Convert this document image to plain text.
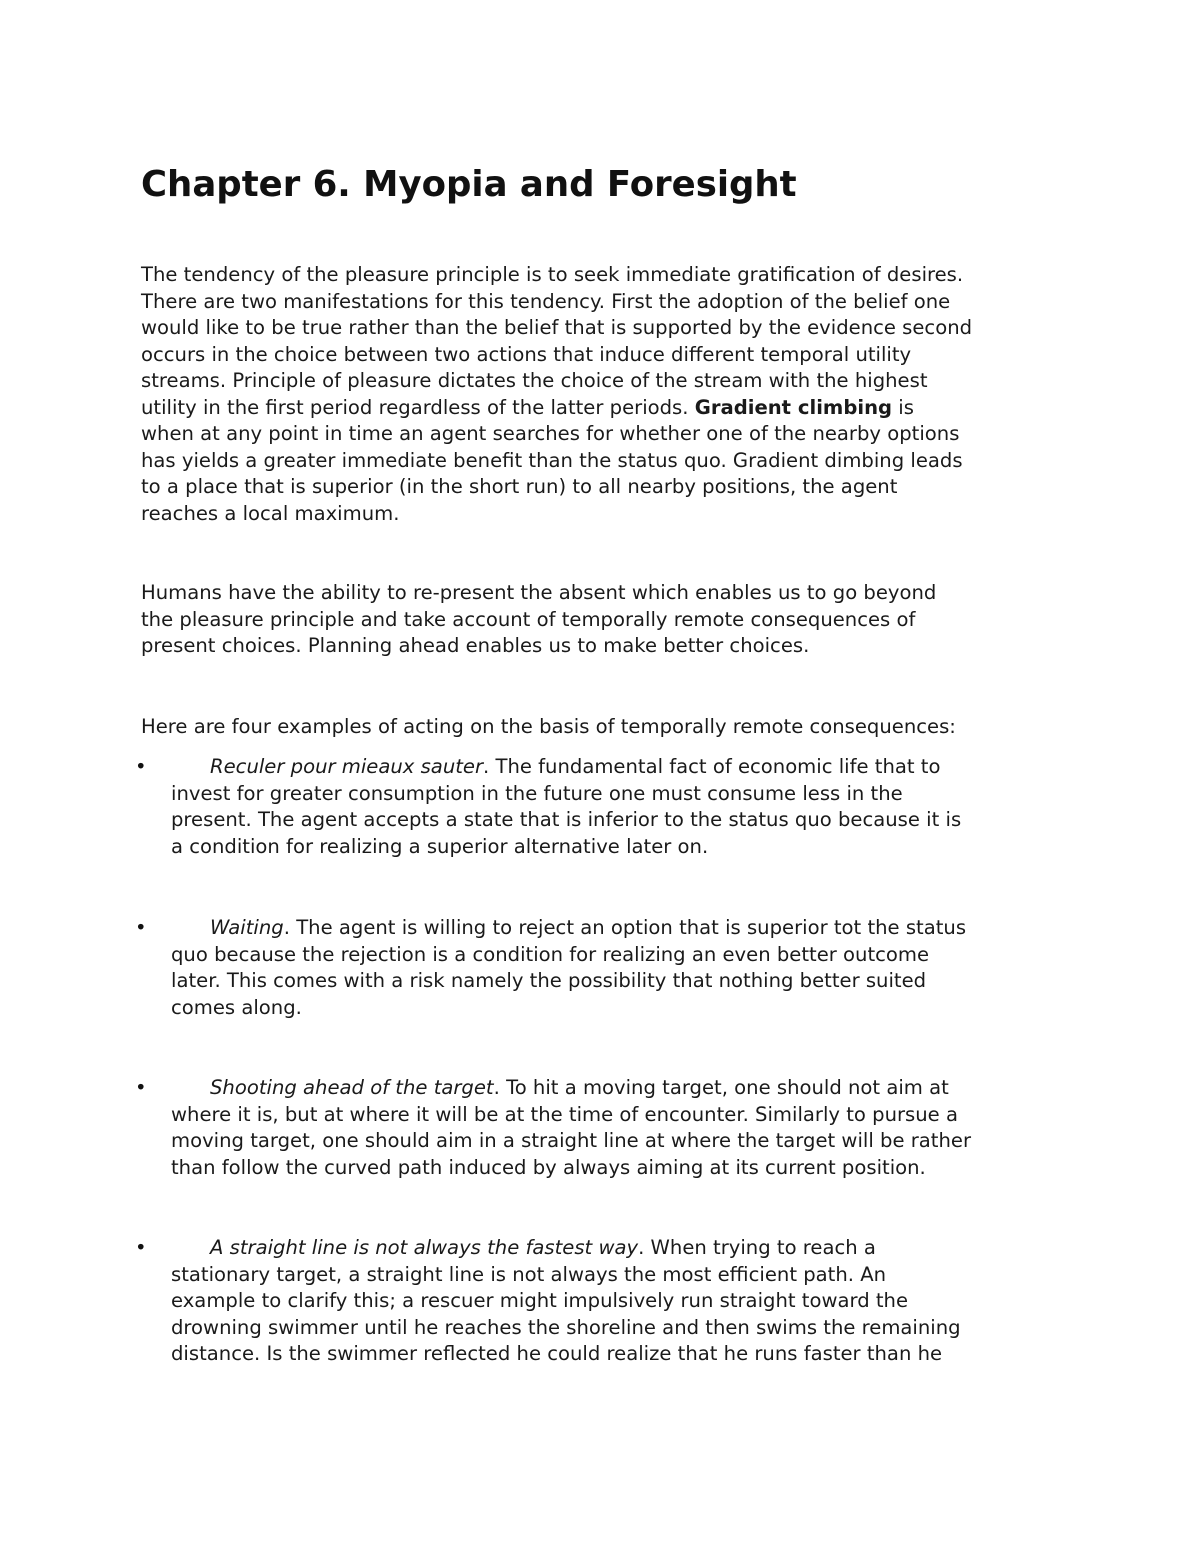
Chapter 6. Myopia and Foresight
The tendency of the pleasure principle is to seek immediate gratification of desires.
There are two manifestations for this tendency. First the adoption of the belief one
would like to be true rather than the belief that is supported by the evidence second
occurs in the choice between two actions that induce different temporal utility
streams. Principle of pleasure dictates the choice of the stream with the highest
utility in the first period regardless of the latter periods. Gradient climbing is
when at any point in time an agent searches for whether one of the nearby options
has yields a greater immediate benefit than the status quo. Gradient dimbing leads
to a place that is superior (in the short run) to all nearby positions, the agent
reaches a local maximum.
Humans have the ability to re-present the absent which enables us to go beyond
the pleasure principle and take account of temporally remote consequences of
present choices. Planning ahead enables us to make better choices.
Here are four examples of acting on the basis of temporally remote consequences:
•	Reculer pour mieaux sauter. The fundamental fact of economic life that to
invest for greater consumption in the future one must consume less in the
present. The agent accepts a state that is inferior to the status quo because it is
a condition for realizing a superior alternative later on.
•	Waiting. The agent is willing to reject an option that is superior tot the status
quo because the rejection is a condition for realizing an even better outcome
later. This comes with a risk namely the possibility that nothing better suited
comes along.
•	Shooting ahead of the target. To hit a moving target, one should not aim at
where it is, but at where it will be at the time of encounter. Similarly to pursue a
moving target, one should aim in a straight line at where the target will be rather
than follow the curved path induced by always aiming at its current position.
•	A straight line is not always the fastest way. When trying to reach a
stationary target, a straight line is not always the most efficient path. An
example to clarify this; a rescuer might impulsively run straight toward the
drowning swimmer until he reaches the shoreline and then swims the remaining
distance. Is the swimmer reflected he could realize that he runs faster than he
